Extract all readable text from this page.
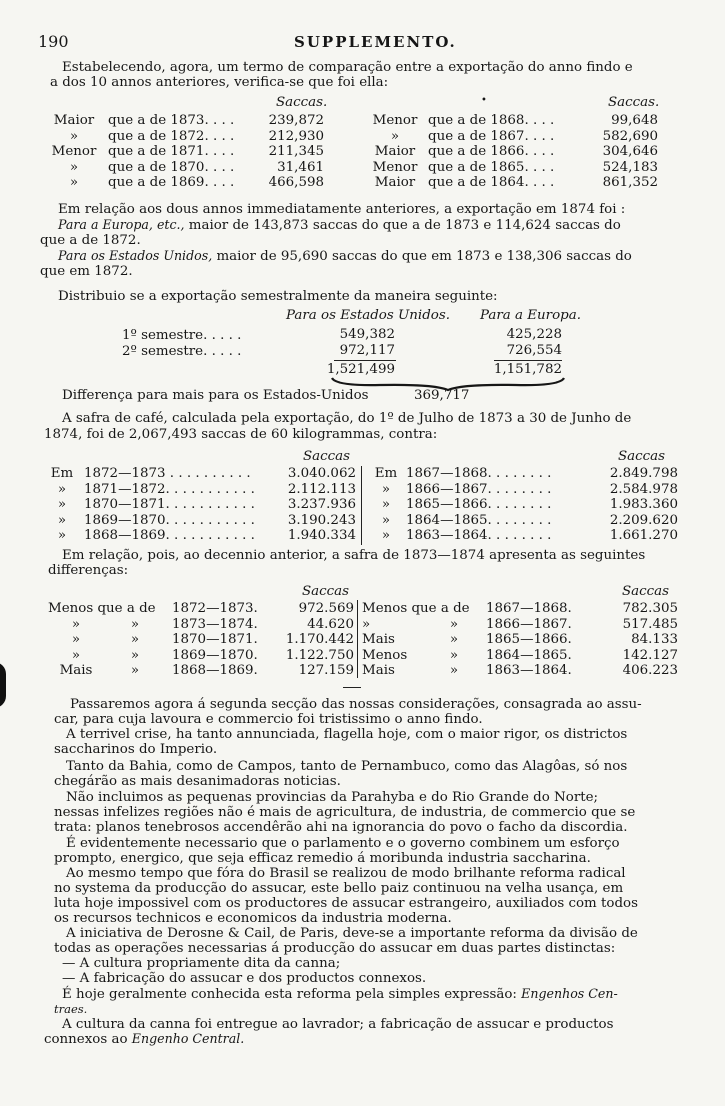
190	SUPPLEMENTO.
Estabelecendo, agora, um termo de comparação entre a exportação do anno findo e
a dos 10 annos anteriores, verifica-se que foi ella:
Saccas.	•	Saccas.
Maior	que a de 1873. . . .	239,872	Menor que a de 1868. . . .	99,648
»	que a de 1872. . . .	212,930	»	que a de 1867. . . .	582,690
Menor que a de 1871. . . .	211,345	Maior que a de 1866. . . .	304,646
»	que a de 1870. . . .	31,461	Menor que a de 1865. . . .	524,183
»	que a de 1869. . . .	466,598	Maior que a de 1864. . . .	861,352
Em relação aos dous annos immediatamente anteriores, a exportação em 1874 foi :
Para a Europa, etc., maior de 143,873 saccas do que a de 1873 e 114,624 saccas do
que a de 1872.
Para os Estados Unidos, maior de 95,690 saccas do que em 1873 e 138,306 saccas do
que em 1872.
Distribuio se a exportação semestralmente da maneira seguinte:
Para os Estados Unidos. Para a Europa.
1º semestre. . . . .	549,382	425,228
2º semestre. . . . .	972,117	726,554
1,521,499	1,151,782
Differença para mais para os Estados-Unidos	369,717
A safra de café, calculada pela exportação, do 1º de Julho de 1873 a 30 de Junho de
1874, foi de 2,067,493 saccas de 60 kilogrammas, contra:
Saccas	Saccas
Em 1872—1873 . . . . . . . . . .	3.040.062	Em 1867—1868. . . . . . . .	2.849.798
»	1871—1872. . . . . . . . . . .	2.112.113	»	1866—1867. . . . . . . .	2.584.978
»	1870—1871. . . . . . . . . . .	3.237.936	»	1865—1866. . . . . . . .	1.983.360
»	1869—1870. . . . . . . . . . .	3.190.243	»	1864—1865. . . . . . . .	2.209.620
»	1868—1869. . . . . . . . . . .	1.940.334	»	1863—1864. . . . . . . .	1.661.270
Em relação, pois, ao decennio anterior, a safra de 1873—1874 apresenta as seguintes
differenças:
Saccas	Saccas
Menos que a de 1872—1873.	972.569 Menos que a de 1867—1868.	782.305
»	»	1873—1874.	44.620 »	»	1866—1867.	517.485
»	»	1870—1871.	1.170.442 Mais	»	1865—1866.	84.133
»	»	1869—1870.	1.122.750 Menos	»	1864—1865.	142.127
Mais	»	1868—1869.	127.159 Mais	»	1863—1864.	406.223
Passaremos agora á segunda secção das nossas considerações, consagrada ao assu-
car, para cuja lavoura e commercio foi tristissimo o anno findo.
A terrivel crise, ha tanto annunciada, flagella hoje, com o maior rigor, os districtos
saccharinos do Imperio.
Tanto da Bahia, como de Campos, tanto de Pernambuco, como das Alagôas, só nos
chegárão as mais desanimadoras noticias.
Não incluimos as pequenas provincias da Parahyba e do Rio Grande do Norte;
nessas infelizes regiões não é mais de agricultura, de industria, de commercio que se
trata: planos tenebrosos accendêrão ahi na ignorancia do povo o facho da discordia.
É evidentemente necessario que o parlamento e o governo combinem um esforço
prompto, energico, que seja efficaz remedio á moribunda industria saccharina.
Ao mesmo tempo que fóra do Brasil se realizou de modo brilhante reforma radical
no systema da producção do assucar, este bello paiz continuou na velha usança, em
luta hoje impossivel com os productores de assucar estrangeiro, auxiliados com todos
os recursos technicos e economicos da industria moderna.
A iniciativa de Derosne & Cail, de Paris, deve-se a importante reforma da divisão de
todas as operações necessarias á producção do assucar em duas partes distinctas:
— A cultura propriamente dita da canna;
— A fabricação do assucar e dos productos connexos.
É hoje geralmente conhecida esta reforma pela simples expressão: Engenhos Cen-
traes.
A cultura da canna foi entregue ao lavrador; a fabricação de assucar e productos
connexos ao Engenho Central.
